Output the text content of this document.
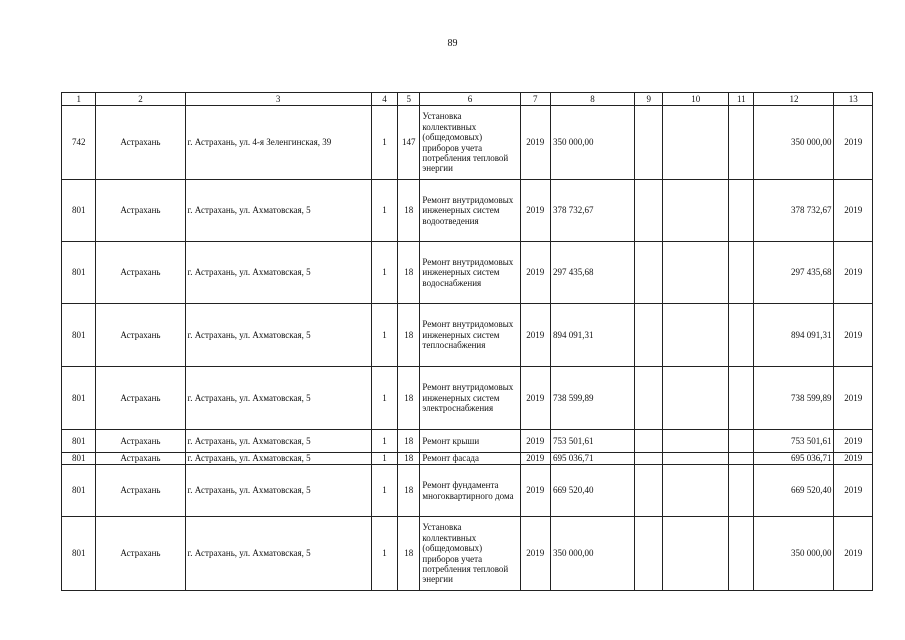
89
1	2	3	4	5	6	7	8	9	10	11	12	13
742	Астрахань	г. Астрахань, ул. 4-я Зеленгинская, 39	1	147	Установка коллективных (общедомовых) приборов учета потребления тепловой энергии	2019	350 000,00				350 000,00	2019
801	Астрахань	г. Астрахань, ул. Ахматовская, 5	1	18	Ремонт внутридомовых инженерных систем водоотведения	2019	378 732,67				378 732,67	2019
801	Астрахань	г. Астрахань, ул. Ахматовская, 5	1	18	Ремонт внутридомовых инженерных систем водоснабжения	2019	297 435,68				297 435,68	2019
801	Астрахань	г. Астрахань, ул. Ахматовская, 5	1	18	Ремонт внутридомовых инженерных систем теплоснабжения	2019	894 091,31				894 091,31	2019
801	Астрахань	г. Астрахань, ул. Ахматовская, 5	1	18	Ремонт внутридомовых инженерных систем электроснабжения	2019	738 599,89				738 599,89	2019
801	Астрахань	г. Астрахань, ул. Ахматовская, 5	1	18	Ремонт крыши	2019	753 501,61				753 501,61	2019
801	Астрахань	г. Астрахань, ул. Ахматовская, 5	1	18	Ремонт фасада	2019	695 036,71				695 036,71	2019
801	Астрахань	г. Астрахань, ул. Ахматовская, 5	1	18	Ремонт фундамента многоквартирного дома	2019	669 520,40				669 520,40	2019
801	Астрахань	г. Астрахань, ул. Ахматовская, 5	1	18	Установка коллективных (общедомовых) приборов учета потребления тепловой энергии	2019	350 000,00				350 000,00	2019
